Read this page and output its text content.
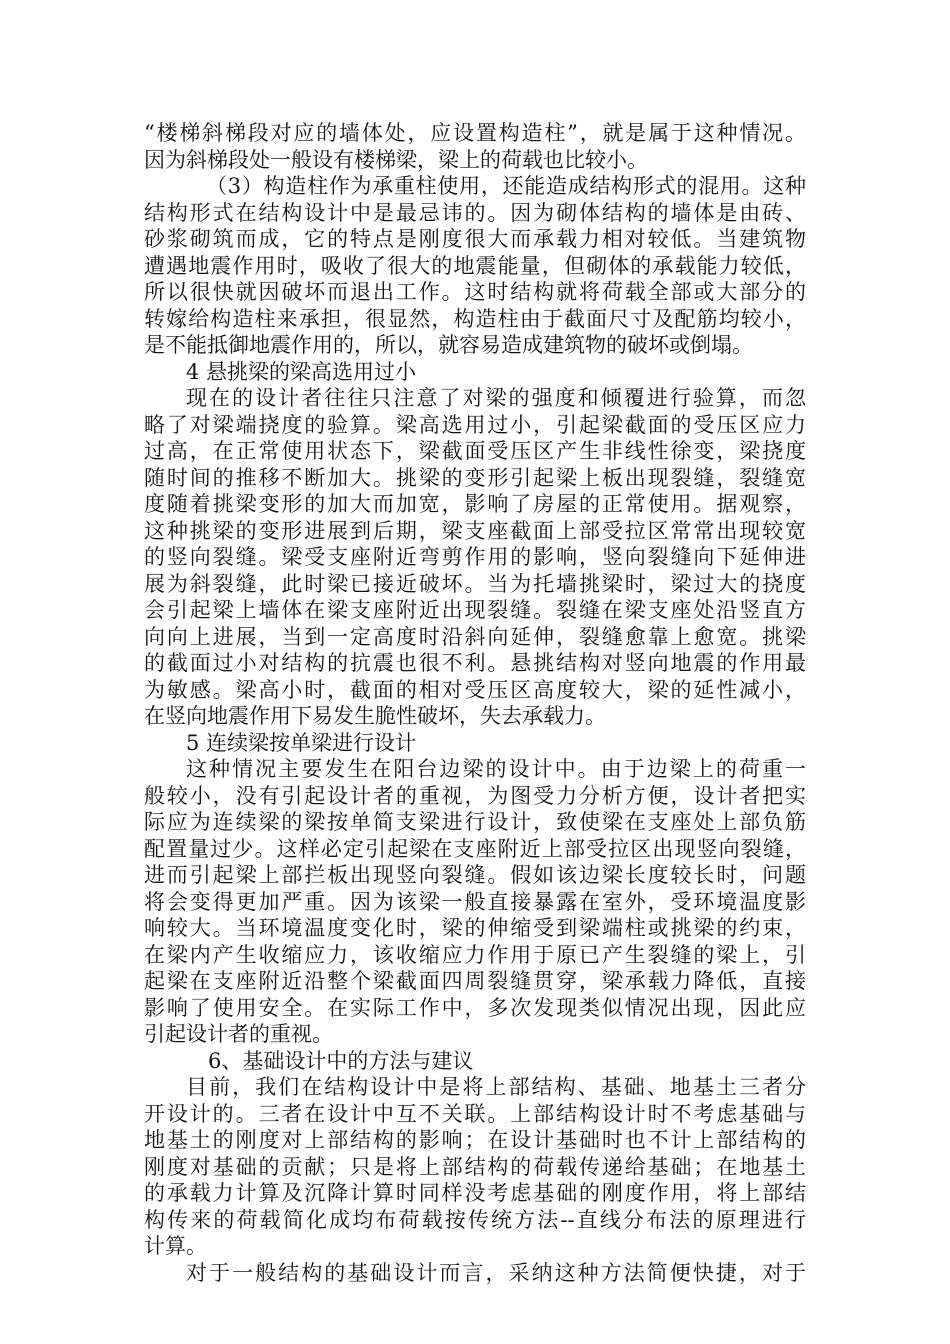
“楼梯斜梯段对应的墙体处，应设置构造柱”，就是属于这种情况。
因为斜梯段处一般设有楼梯梁，梁上的荷载也比较小。
（3）构造柱作为承重柱使用，还能造成结构形式的混用。这种
结构形式在结构设计中是最忌讳的。因为砌体结构的墙体是由砖、
砂浆砌筑而成，它的特点是刚度很大而承载力相对较低。当建筑物
遭遇地震作用时，吸收了很大的地震能量，但砌体的承载能力较低，
所以很快就因破坏而退出工作。这时结构就将荷载全部或大部分的
转嫁给构造柱来承担，很显然，构造柱由于截面尺寸及配筋均较小，
是不能抵御地震作用的，所以，就容易造成建筑物的破坏或倒塌。
4 悬挑梁的梁高选用过小
现在的设计者往往只注意了对梁的强度和倾覆进行验算，而忽
略了对梁端挠度的验算。梁高选用过小，引起梁截面的受压区应力
过高，在正常使用状态下，梁截面受压区产生非线性徐变，梁挠度
随时间的推移不断加大。挑梁的变形引起梁上板出现裂缝，裂缝宽
度随着挑梁变形的加大而加宽，影响了房屋的正常使用。据观察，
这种挑梁的变形进展到后期，梁支座截面上部受拉区常常出现较宽
的竖向裂缝。梁受支座附近弯剪作用的影响，竖向裂缝向下延伸进
展为斜裂缝，此时梁已接近破坏。当为托墙挑梁时，梁过大的挠度
会引起梁上墙体在梁支座附近出现裂缝。裂缝在梁支座处沿竖直方
向向上进展，当到一定高度时沿斜向延伸，裂缝愈靠上愈宽。挑梁
的截面过小对结构的抗震也很不利。悬挑结构对竖向地震的作用最
为敏感。梁高小时，截面的相对受压区高度较大，梁的延性减小，
在竖向地震作用下易发生脆性破坏，失去承载力。
5 连续梁按单梁进行设计
这种情况主要发生在阳台边梁的设计中。由于边梁上的荷重一
般较小，没有引起设计者的重视，为图受力分析方便，设计者把实
际应为连续梁的梁按单简支梁进行设计，致使梁在支座处上部负筋
配置量过少。这样必定引起梁在支座附近上部受拉区出现竖向裂缝，
进而引起梁上部拦板出现竖向裂缝。假如该边梁长度较长时，问题
将会变得更加严重。因为该梁一般直接暴露在室外，受环境温度影
响较大。当环境温度变化时，梁的伸缩受到梁端柱或挑梁的约束，
在梁内产生收缩应力，该收缩应力作用于原已产生裂缝的梁上，引
起梁在支座附近沿整个梁截面四周裂缝贯穿，梁承载力降低，直接
影响了使用安全。在实际工作中，多次发现类似情况出现，因此应
引起设计者的重视。
6、基础设计中的方法与建议
目前，我们在结构设计中是将上部结构、基础、地基土三者分
开设计的。三者在设计中互不关联。上部结构设计时不考虑基础与
地基土的刚度对上部结构的影响；在设计基础时也不计上部结构的
刚度对基础的贡献；只是将上部结构的荷载传递给基础；在地基土
的承载力计算及沉降计算时同样没考虑基础的刚度作用，将上部结
构传来的荷载简化成均布荷载按传统方法--直线分布法的原理进行
计算。
对于一般结构的基础设计而言，采纳这种方法简便快捷，对于
